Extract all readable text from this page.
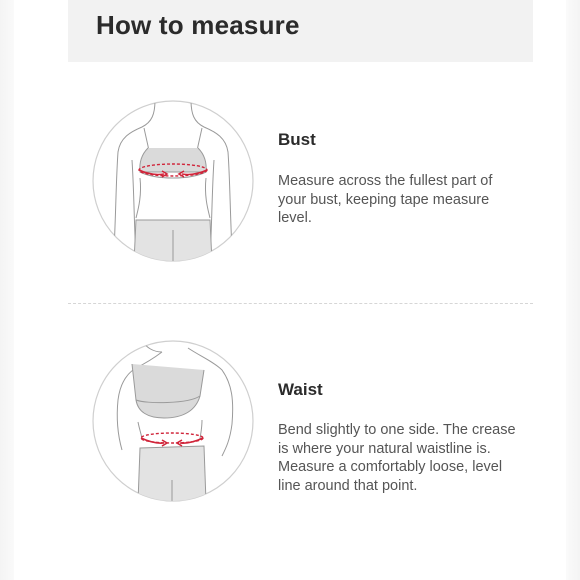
How to measure
Bust
Measure across the fullest part of your bust, keeping tape measure level.
Waist
Bend slightly to one side. The crease is where your natural waistline is. Measure a comfortably loose, level line around that point.
